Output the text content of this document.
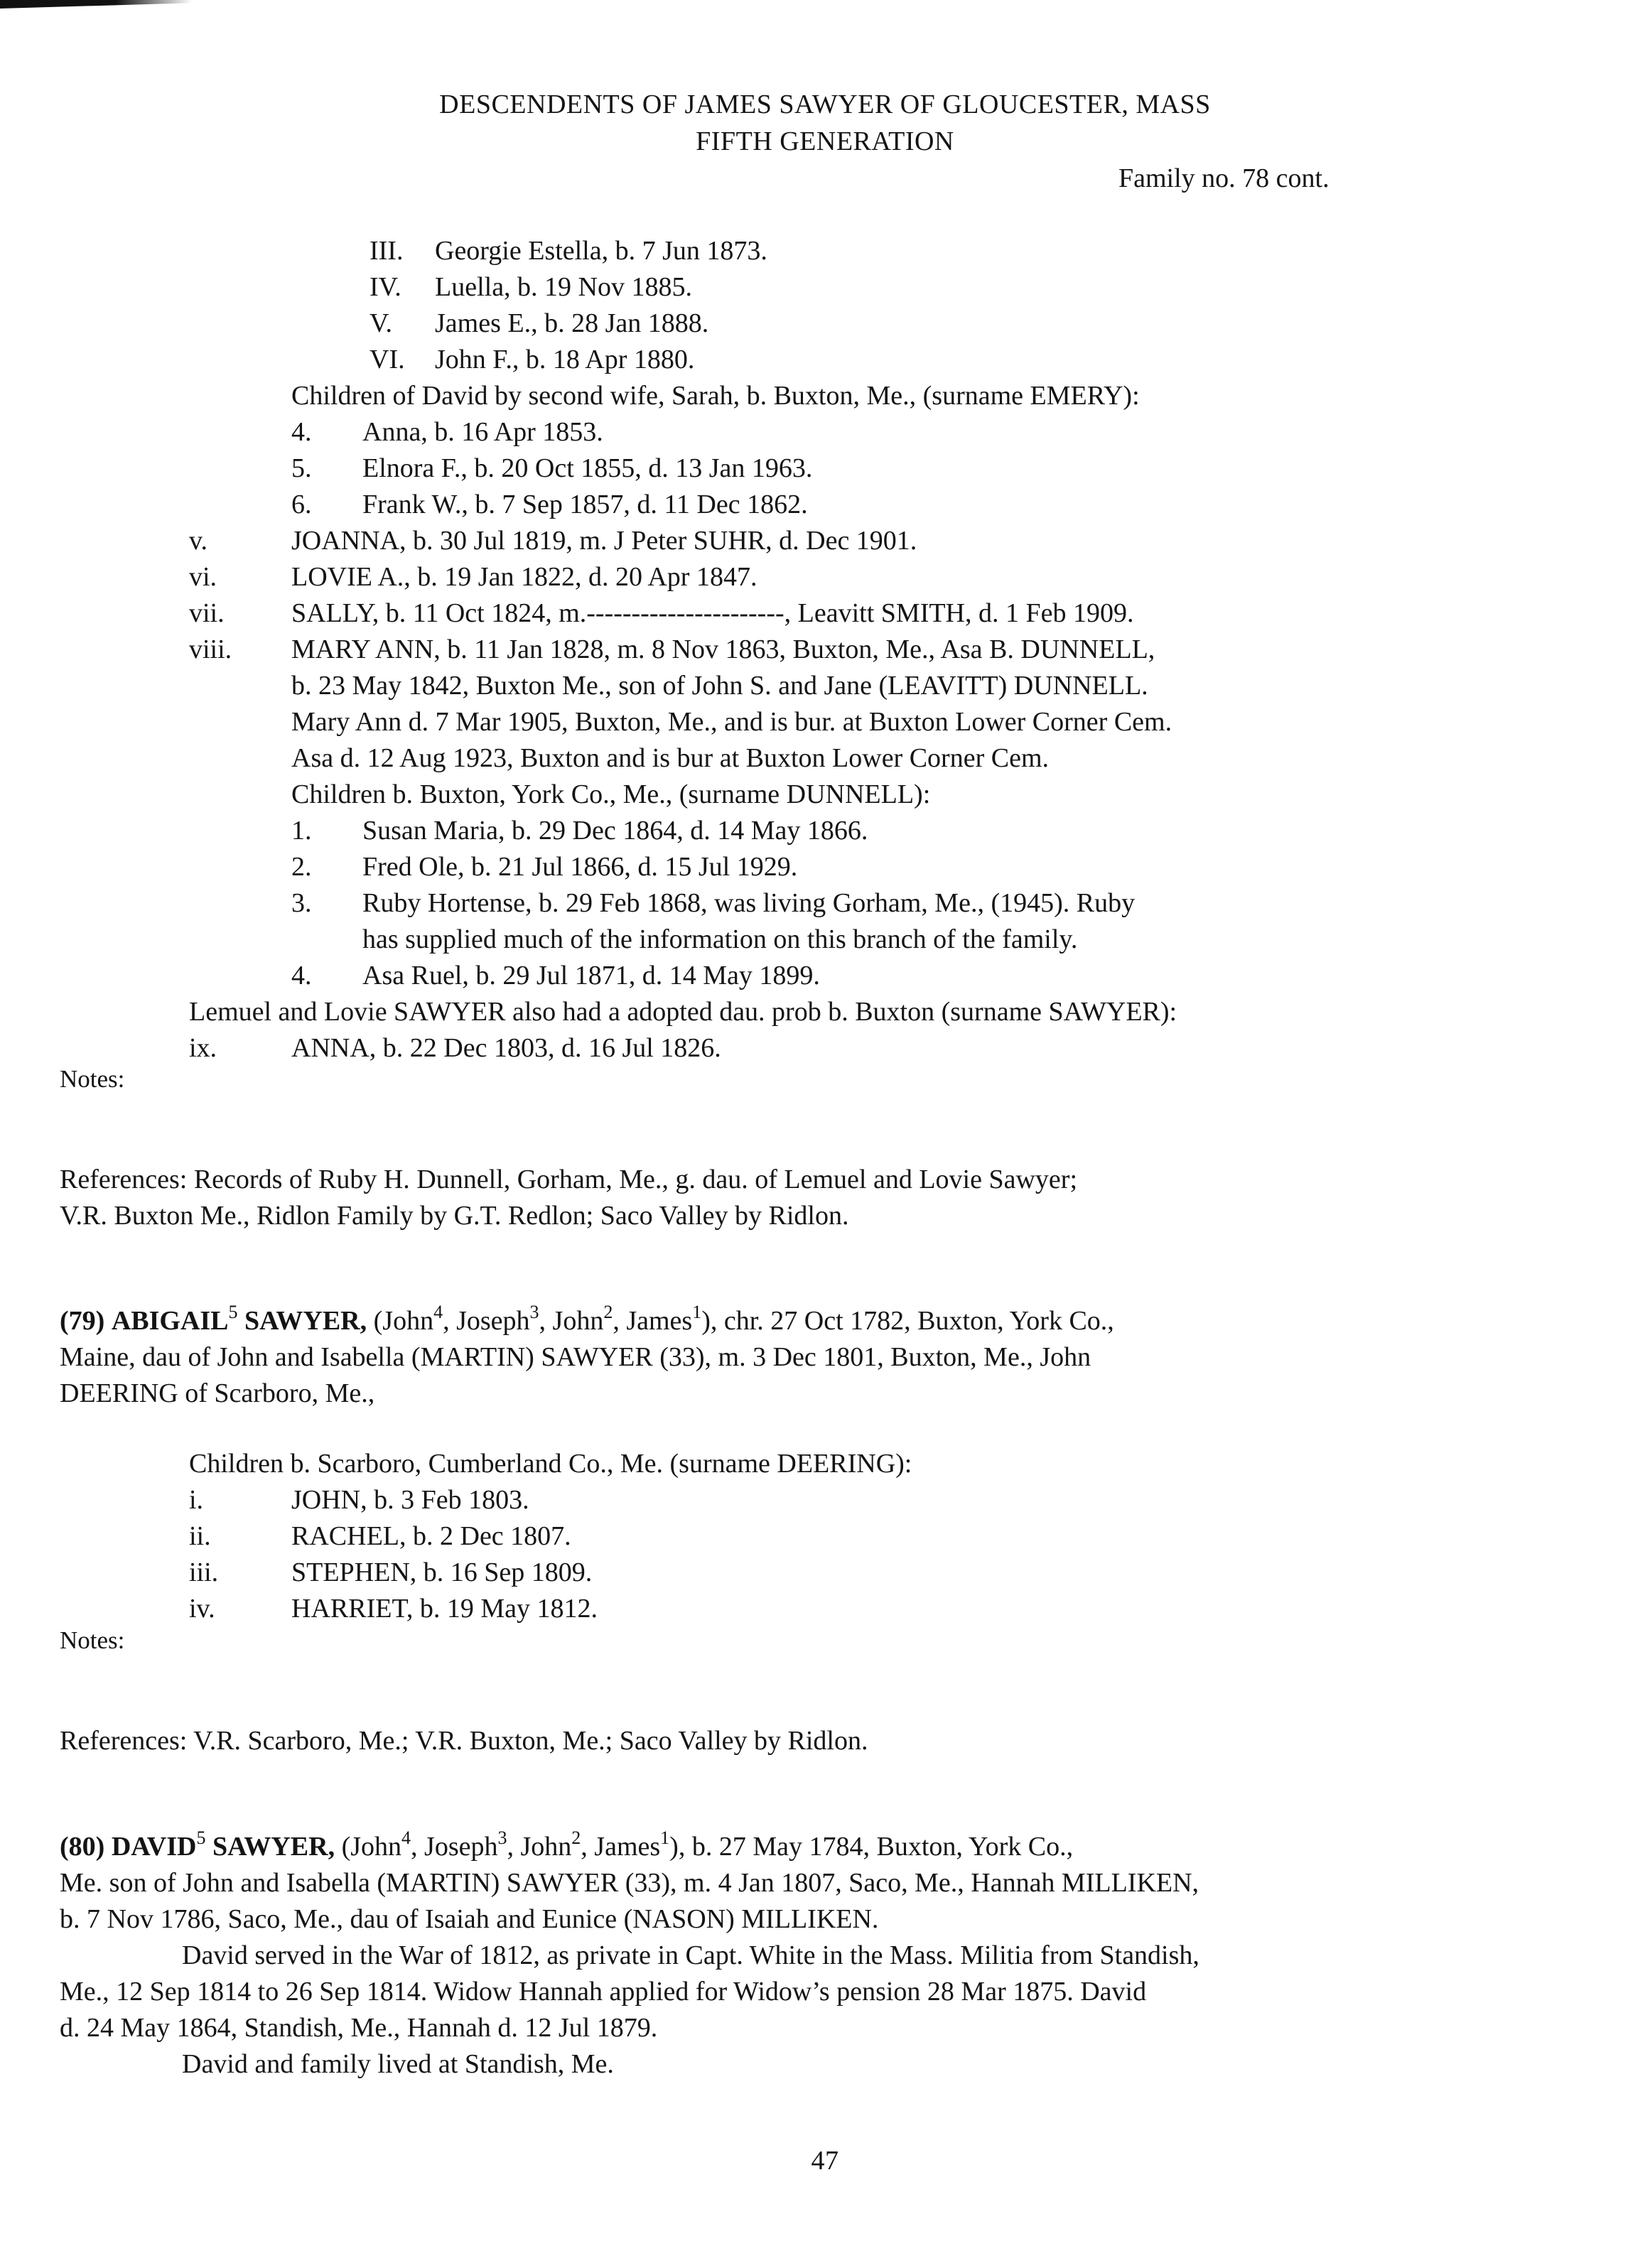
DESCENDENTS OF JAMES SAWYER OF GLOUCESTER, MASS
FIFTH GENERATION
Family no. 78 cont.
III. Georgie Estella, b. 7 Jun 1873.
IV. Luella, b. 19 Nov 1885.
V. James E., b. 28 Jan 1888.
VI. John F., b. 18 Apr 1880.
Children of David by second wife, Sarah, b. Buxton, Me., (surname EMERY):
4. Anna, b. 16 Apr 1853.
5. Elnora F., b. 20 Oct 1855, d. 13 Jan 1963.
6. Frank W., b. 7 Sep 1857, d. 11 Dec 1862.
v.	JOANNA, b. 30 Jul 1819, m. J Peter SUHR, d. Dec 1901.
vi.	LOVIE A., b. 19 Jan 1822, d. 20 Apr 1847.
vii. SALLY, b. 11 Oct 1824, m.----------------------, Leavitt SMITH, d. 1 Feb 1909.
viii. MARY ANN, b. 11 Jan 1828, m. 8 Nov 1863, Buxton, Me., Asa B. DUNNELL,
b. 23 May 1842, Buxton Me., son of John S. and Jane (LEAVITT) DUNNELL.
Mary Ann d. 7 Mar 1905, Buxton, Me., and is bur. at Buxton Lower Corner Cem.
Asa d. 12 Aug 1923, Buxton and is bur at Buxton Lower Corner Cem.
Children b. Buxton, York Co., Me., (surname DUNNELL):
1. Susan Maria, b. 29 Dec 1864, d. 14 May 1866.
2. Fred Ole, b. 21 Jul 1866, d. 15 Jul 1929.
3. Ruby Hortense, b. 29 Feb 1868, was living Gorham, Me., (1945). Ruby
has supplied much of the information on this branch of the family.
4. Asa Ruel, b. 29 Jul 1871, d. 14 May 1899.
Lemuel and Lovie SAWYER also had a adopted dau. prob b. Buxton (surname SAWYER):
ix.	ANNA, b. 22 Dec 1803, d. 16 Jul 1826.
Notes:
References: Records of Ruby H. Dunnell, Gorham, Me., g. dau. of Lemuel and Lovie Sawyer;
V.R. Buxton Me., Ridlon Family by G.T. Redlon; Saco Valley by Ridlon.
(79) ABIGAIL$^5$ SAWYER, (John$^4$, Joseph$^3$, John$^2$, James$^1$), chr. 27 Oct 1782, Buxton, York Co.,
Maine, dau of John and Isabella (MARTIN) SAWYER (33), m. 3 Dec 1801, Buxton, Me., John
DEERING of Scarboro, Me.,
Children b. Scarboro, Cumberland Co., Me. (surname DEERING):
i.	JOHN, b. 3 Feb 1803.
ii.	RACHEL, b. 2 Dec 1807.
iii.	STEPHEN, b. 16 Sep 1809.
iv.	HARRIET, b. 19 May 1812.
Notes:
References: V.R. Scarboro, Me.; V.R. Buxton, Me.; Saco Valley by Ridlon.
(80) DAVID$^5$ SAWYER, (John$^4$, Joseph$^3$, John$^2$, James$^1$), b. 27 May 1784, Buxton, York Co.,
Me. son of John and Isabella (MARTIN) SAWYER (33), m. 4 Jan 1807, Saco, Me., Hannah MILLIKEN,
b. 7 Nov 1786, Saco, Me., dau of Isaiah and Eunice (NASON) MILLIKEN.
David served in the War of 1812, as private in Capt. White in the Mass. Militia from Standish,
Me., 12 Sep 1814 to 26 Sep 1814. Widow Hannah applied for Widow’s pension 28 Mar 1875. David
d. 24 May 1864, Standish, Me., Hannah d. 12 Jul 1879.
David and family lived at Standish, Me.
47
